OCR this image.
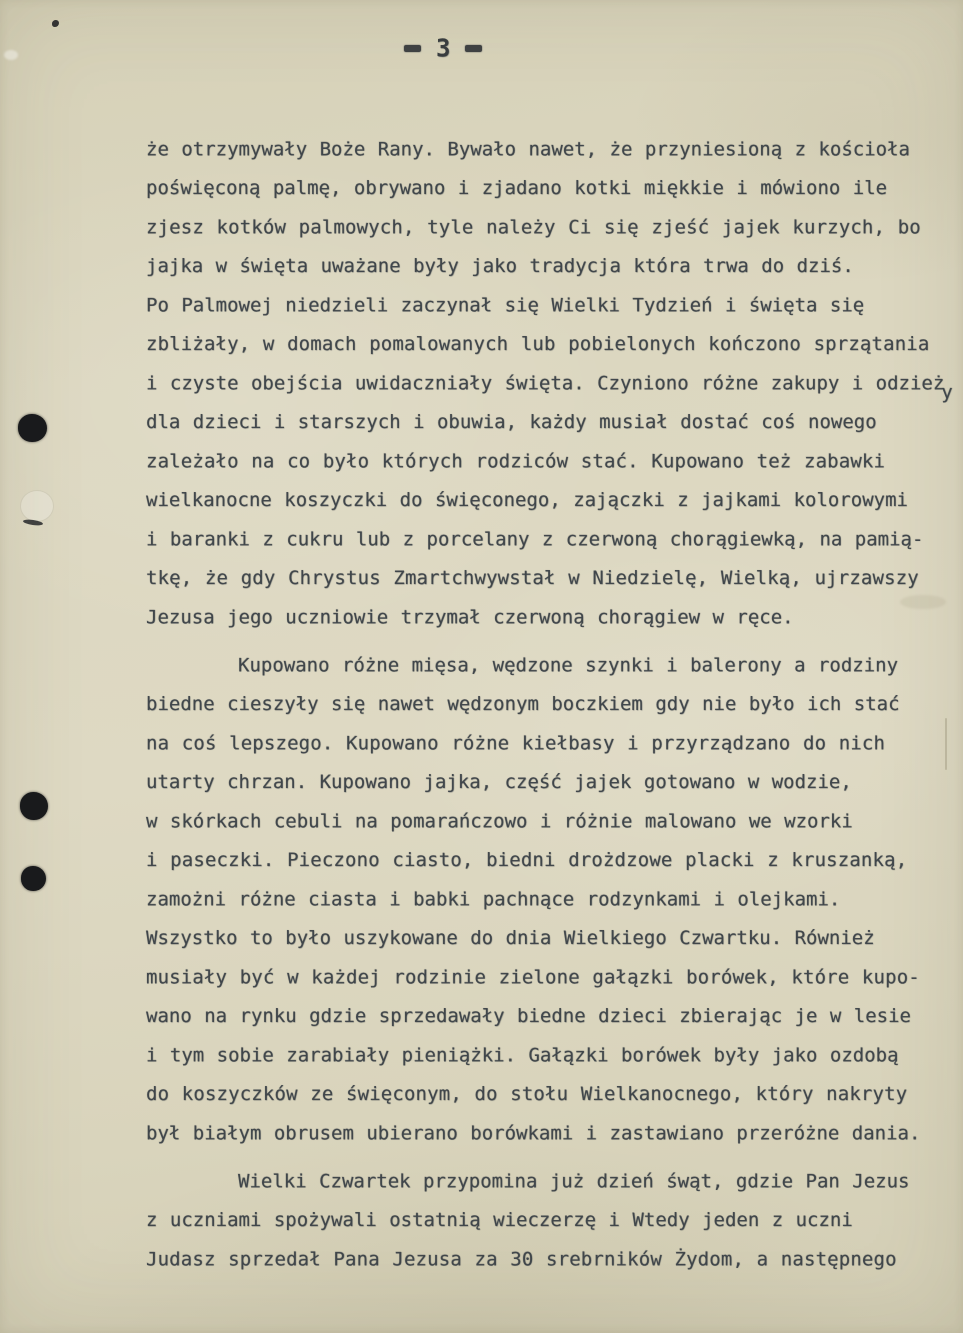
3
że otrzymywały Boże Rany. Bywało nawet, że przyniesioną z kościoła
poświęconą palmę, obrywano i zjadano kotki miękkie i mówiono ile
zjesz kotków palmowych, tyle należy Ci się zjeść jajek kurzych, bo
jajka w święta uważane były jako tradycja która trwa do dziś.
Po Palmowej niedzieli zaczynał się Wielki Tydzień i święta się
zbliżały, w domach pomalowanych lub pobielonych kończono sprzątania
i czyste obejścia uwidaczniały święta. Czyniono różne zakupy i odzieży
dla dzieci i starszych i obuwia, każdy musiał dostać coś nowego
zależało na co było których rodziców stać. Kupowano też zabawki
wielkanocne koszyczki do święconego, zajączki z jajkami kolorowymi
i baranki z cukru lub z porcelany z czerwoną chorągiewką, na pamią-
tkę, że gdy Chrystus Zmartchwywstał w Niedzielę, Wielką, ujrzawszy
Jezusa jego uczniowie trzymał czerwoną chorągiew w ręce.
Kupowano różne mięsa, wędzone szynki i balerony a rodziny
biedne cieszyły się nawet wędzonym boczkiem gdy nie było ich stać
na coś lepszego. Kupowano różne kiełbasy i przyrządzano do nich
utarty chrzan. Kupowano jajka, część jajek gotowano w wodzie,
w skórkach cebuli na pomarańczowo i różnie malowano we wzorki
i paseczki. Pieczono ciasto, biedni drożdzowe placki z kruszanką,
zamożni różne ciasta i babki pachnące rodzynkami i olejkami.
Wszystko to było uszykowane do dnia Wielkiego Czwartku. Również
musiały być w każdej rodzinie zielone gałązki borówek, które kupo-
wano na rynku gdzie sprzedawały biedne dzieci zbierając je w lesie
i tym sobie zarabiały pieniążki. Gałązki borówek były jako ozdobą
do koszyczków ze święconym, do stołu Wielkanocnego, który nakryty
był białym obrusem ubierano borówkami i zastawiano przeróżne dania.
Wielki Czwartek przypomina już dzień śwąt, gdzie Pan Jezus
z uczniami spożywali ostatnią wieczerzę i Wtedy jeden z uczni
Judasz sprzedał Pana Jezusa za 30 srebrników Żydom, a następnego
